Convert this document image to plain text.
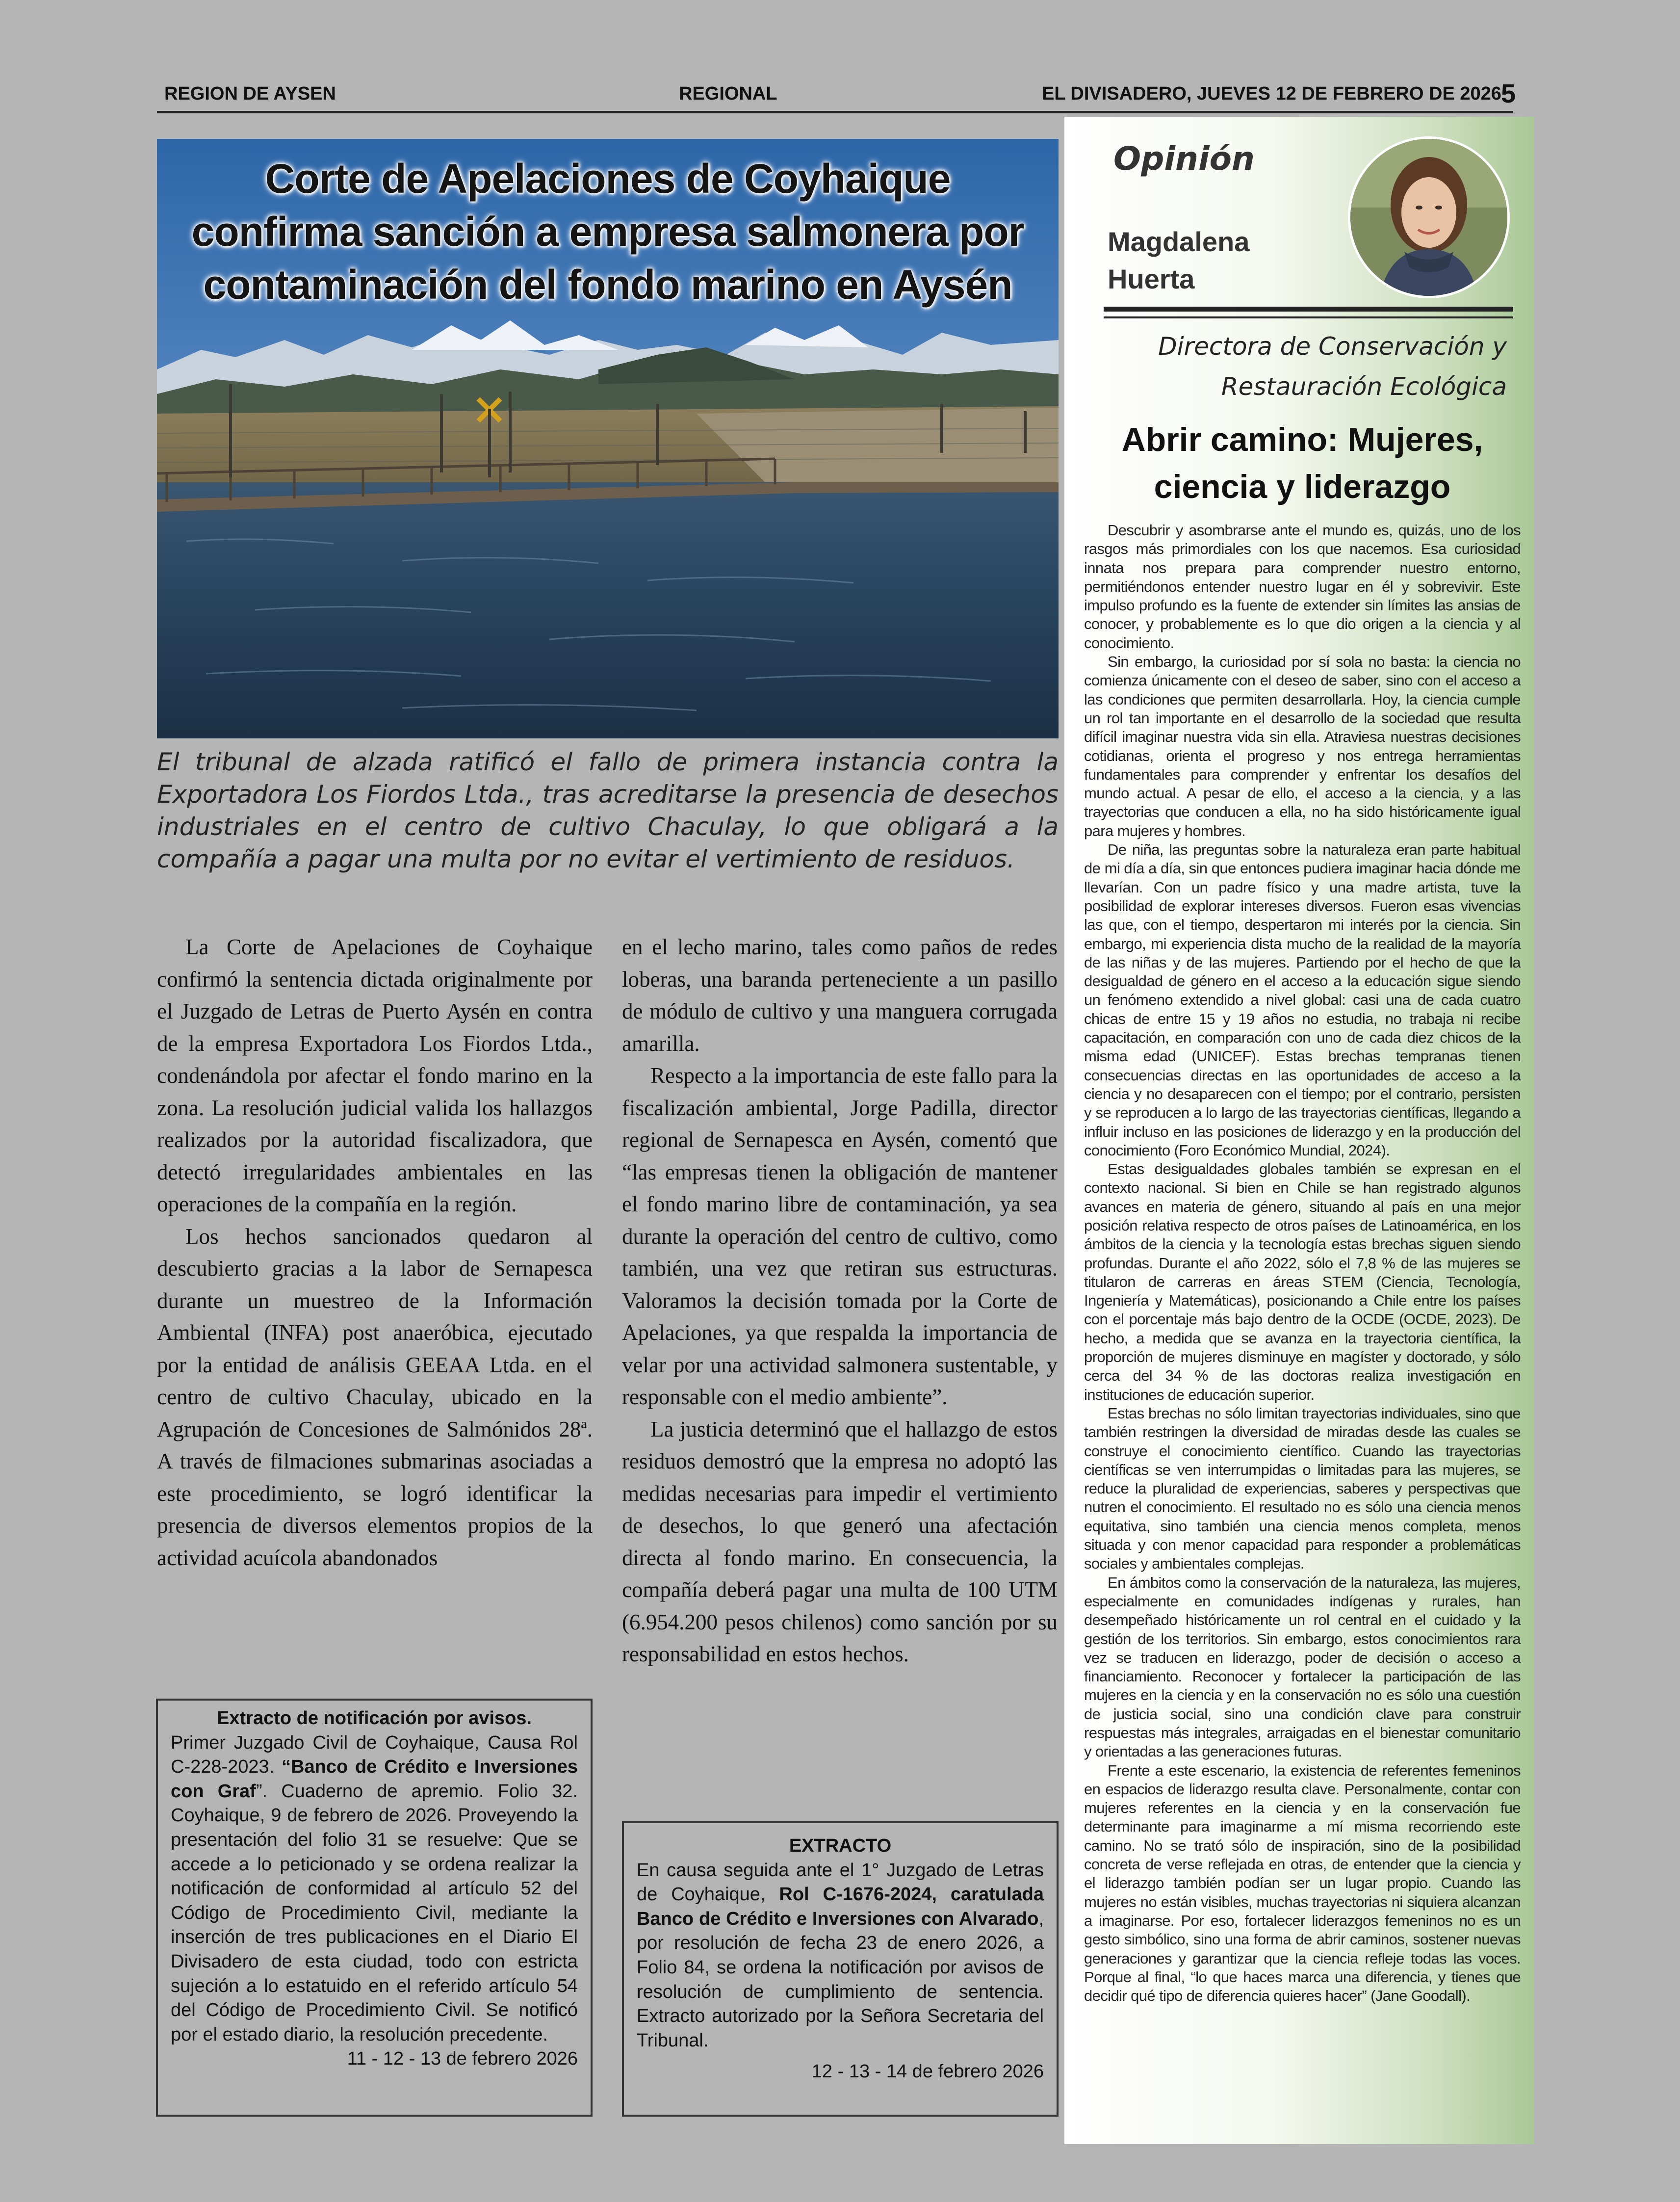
REGION DE AYSEN	REGIONAL	EL DIVISADERO, JUEVES 12 DE FEBRERO DE 2026 5
Corte de Apelaciones de Coyhaique
confirma sanción a empresa salmonera por
contaminación del fondo marino en Aysén
El tribunal de alzada ratificó el fallo de primera instancia contra la Exportadora Los Fiordos Ltda., tras acreditarse la presencia de desechos industriales en el centro de cultivo Chaculay, lo que obligará a la compañía a pagar una multa por no evitar el vertimiento de residuos.

La Corte de Apelaciones de Coyhaique confirmó la sentencia dictada originalmente por el Juzgado de Letras de Puerto Aysén en contra de la empresa Exportadora Los Fiordos Ltda., condenándola por afectar el fondo marino en la zona. La resolución judicial valida los hallazgos realizados por la autoridad fiscalizadora, que detectó irregularidades ambientales en las operaciones de la compañía en la región.

Los hechos sancionados quedaron al descubierto gracias a la labor de Sernapesca durante un muestreo de la Información Ambiental (INFA) post anaeróbica, ejecutado por la entidad de análisis GEEAA Ltda. en el centro de cultivo Chaculay, ubicado en la Agrupación de Concesiones de Salmónidos 28ª. A través de filmaciones submarinas asociadas a este procedimiento, se logró identificar la presencia de diversos elementos propios de la actividad acuícola abandonados

en el lecho marino, tales como paños de redes loberas, una baranda perteneciente a un pasillo de módulo de cultivo y una manguera corrugada amarilla.

Respecto a la importancia de este fallo para la fiscalización ambiental, Jorge Padilla, director regional de Sernapesca en Aysén, comentó que “las empresas tienen la obligación de mantener el fondo marino libre de contaminación, ya sea durante la operación del centro de cultivo, como también, una vez que retiran sus estructuras. Valoramos la decisión tomada por la Corte de Apelaciones, ya que respalda la importancia de velar por una actividad salmonera sustentable, y responsable con el medio ambiente”.

La justicia determinó que el hallazgo de estos residuos demostró que la empresa no adoptó las medidas necesarias para impedir el vertimiento de desechos, lo que generó una afectación directa al fondo marino. En consecuencia, la compañía deberá pagar una multa de 100 UTM (6.954.200 pesos chilenos) como sanción por su responsabilidad en estos hechos.

Extracto de notificación por avisos.
Primer Juzgado Civil de Coyhaique, Causa Rol C-228-2023. “Banco de Crédito e Inversiones con Graf”. Cuaderno de apremio. Folio 32. Coyhaique, 9 de febrero de 2026. Proveyendo la presentación del folio 31 se resuelve: Que se accede a lo peticionado y se ordena realizar la notificación de conformidad al artículo 52 del Código de Procedimiento Civil, mediante la inserción de tres publicaciones en el Diario El Divisadero de esta ciudad, todo con estricta sujeción a lo estatuido en el referido artículo 54 del Código de Procedimiento Civil. Se notificó por el estado diario, la resolución precedente.
11 - 12 - 13 de febrero 2026
EXTRACTO
En causa seguida ante el 1° Juzgado de Letras de Coyhaique, Rol C-1676-2024, caratulada Banco de Crédito e Inversiones con Alvarado, por resolución de fecha 23 de enero 2026, a Folio 84, se ordena la notificación por avisos de resolución de cumplimiento de sentencia. Extracto autorizado por la Señora Secretaria del Tribunal.
12 - 13 - 14 de febrero 2026
Opinión
Magdalena
Huerta
Directora de Conservación y
Restauración Ecológica
Abrir camino: Mujeres,
ciencia y liderazgo

Descubrir y asombrarse ante el mundo es, quizás, uno de los rasgos más primordiales con los que nacemos. Esa curiosidad innata nos prepara para comprender nuestro entorno, permitiéndonos entender nuestro lugar en él y sobrevivir. Este impulso profundo es la fuente de extender sin límites las ansias de conocer, y probablemente es lo que dio origen a la ciencia y al conocimiento.

Sin embargo, la curiosidad por sí sola no basta: la ciencia no comienza únicamente con el deseo de saber, sino con el acceso a las condiciones que permiten desarrollarla. Hoy, la ciencia cumple un rol tan importante en el desarrollo de la sociedad que resulta difícil imaginar nuestra vida sin ella. Atraviesa nuestras decisiones cotidianas, orienta el progreso y nos entrega herramientas fundamentales para comprender y enfrentar los desafíos del mundo actual. A pesar de ello, el acceso a la ciencia, y a las trayectorias que conducen a ella, no ha sido históricamente igual para mujeres y hombres.

De niña, las preguntas sobre la naturaleza eran parte habitual de mi día a día, sin que entonces pudiera imaginar hacia dónde me llevarían. Con un padre físico y una madre artista, tuve la posibilidad de explorar intereses diversos. Fueron esas vivencias las que, con el tiempo, despertaron mi interés por la ciencia. Sin embargo, mi experiencia dista mucho de la realidad de la mayoría de las niñas y de las mujeres. Partiendo por el hecho de que la desigualdad de género en el acceso a la educación sigue siendo un fenómeno extendido a nivel global: casi una de cada cuatro chicas de entre 15 y 19 años no estudia, no trabaja ni recibe capacitación, en comparación con uno de cada diez chicos de la misma edad (UNICEF). Estas brechas tempranas tienen consecuencias directas en las oportunidades de acceso a la ciencia y no desaparecen con el tiempo; por el contrario, persisten y se reproducen a lo largo de las trayectorias científicas, llegando a influir incluso en las posiciones de liderazgo y en la producción del conocimiento (Foro Económico Mundial, 2024).

Estas desigualdades globales también se expresan en el contexto nacional. Si bien en Chile se han registrado algunos avances en materia de género, situando al país en una mejor posición relativa respecto de otros países de Latinoamérica, en los ámbitos de la ciencia y la tecnología estas brechas siguen siendo profundas. Durante el año 2022, sólo el 7,8 % de las mujeres se titularon de carreras en áreas STEM (Ciencia, Tecnología, Ingeniería y Matemáticas), posicionando a Chile entre los países con el porcentaje más bajo dentro de la OCDE (OCDE, 2023). De hecho, a medida que se avanza en la trayectoria científica, la proporción de mujeres disminuye en magíster y doctorado, y sólo cerca del 34 % de las doctoras realiza investigación en instituciones de educación superior.

Estas brechas no sólo limitan trayectorias individuales, sino que también restringen la diversidad de miradas desde las cuales se construye el conocimiento científico. Cuando las trayectorias científicas se ven interrumpidas o limitadas para las mujeres, se reduce la pluralidad de experiencias, saberes y perspectivas que nutren el conocimiento. El resultado no es sólo una ciencia menos equitativa, sino también una ciencia menos completa, menos situada y con menor capacidad para responder a problemáticas sociales y ambientales complejas.

En ámbitos como la conservación de la naturaleza, las mujeres, especialmente en comunidades indígenas y rurales, han desempeñado históricamente un rol central en el cuidado y la gestión de los territorios. Sin embargo, estos conocimientos rara vez se traducen en liderazgo, poder de decisión o acceso a financiamiento. Reconocer y fortalecer la participación de las mujeres en la ciencia y en la conservación no es sólo una cuestión de justicia social, sino una condición clave para construir respuestas más integrales, arraigadas en el bienestar comunitario y orientadas a las generaciones futuras.

Frente a este escenario, la existencia de referentes femeninos en espacios de liderazgo resulta clave. Personalmente, contar con mujeres referentes en la ciencia y en la conservación fue determinante para imaginarme a mí misma recorriendo este camino. No se trató sólo de inspiración, sino de la posibilidad concreta de verse reflejada en otras, de entender que la ciencia y el liderazgo también podían ser un lugar propio. Cuando las mujeres no están visibles, muchas trayectorias ni siquiera alcanzan a imaginarse. Por eso, fortalecer liderazgos femeninos no es un gesto simbólico, sino una forma de abrir caminos, sostener nuevas generaciones y garantizar que la ciencia refleje todas las voces. Porque al final, “lo que haces marca una diferencia, y tienes que decidir qué tipo de diferencia quieres hacer” (Jane Goodall).
